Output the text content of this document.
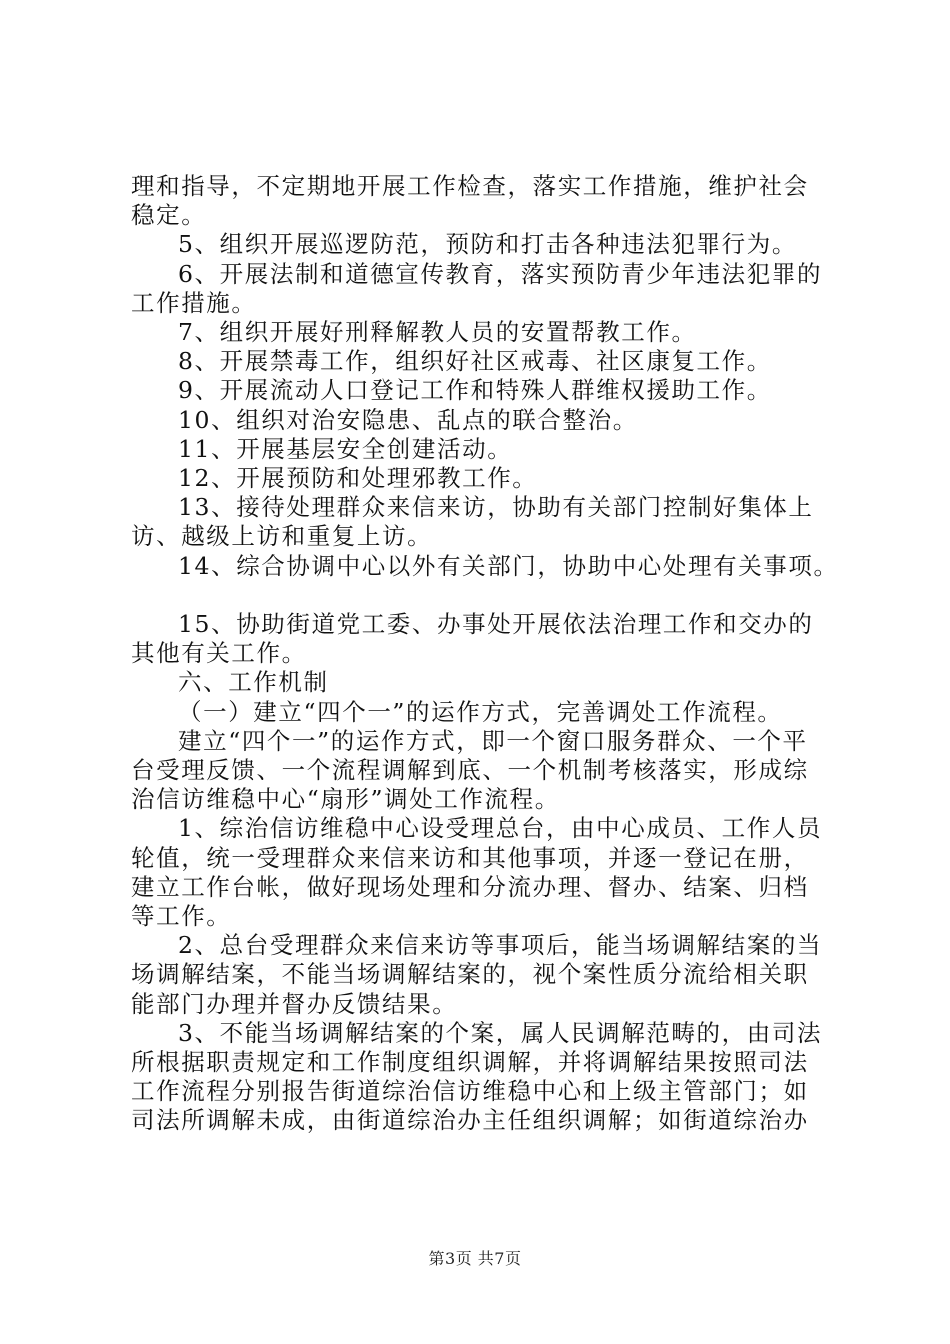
理和指导，不定期地开展工作检查，落实工作措施，维护社会稳定。

5、组织开展巡逻防范，预防和打击各种违法犯罪行为。

6、开展法制和道德宣传教育，落实预防青少年违法犯罪的工作措施。

7、组织开展好刑释解教人员的安置帮教工作。

8、开展禁毒工作，组织好社区戒毒、社区康复工作。

9、开展流动人口登记工作和特殊人群维权援助工作。

10、组织对治安隐患、乱点的联合整治。

11、开展基层安全创建活动。

12、开展预防和处理邪教工作。

13、接待处理群众来信来访，协助有关部门控制好集体上访、越级上访和重复上访。

14、综合协调中心以外有关部门，协助中心处理有关事项。

15、协助街道党工委、办事处开展依法治理工作和交办的其他有关工作。

六、工作机制

（一）建立“四个一”的运作方式，完善调处工作流程。

建立“四个一”的运作方式，即一个窗口服务群众、一个平台受理反馈、一个流程调解到底、一个机制考核落实，形成综治信访维稳中心“扇形”调处工作流程。

1、综治信访维稳中心设受理总台，由中心成员、工作人员轮值，统一受理群众来信来访和其他事项，并逐一登记在册，建立工作台帐，做好现场处理和分流办理、督办、结案、归档等工作。

2、总台受理群众来信来访等事项后，能当场调解结案的当场调解结案，不能当场调解结案的，视个案性质分流给相关职能部门办理并督办反馈结果。

3、不能当场调解结案的个案，属人民调解范畴的，由司法所根据职责规定和工作制度组织调解，并将调解结果按照司法工作流程分别报告街道综治信访维稳中心和上级主管部门；如司法所调解未成，由街道综治办主任组织调解；如街道综治办

第3页 共7页
